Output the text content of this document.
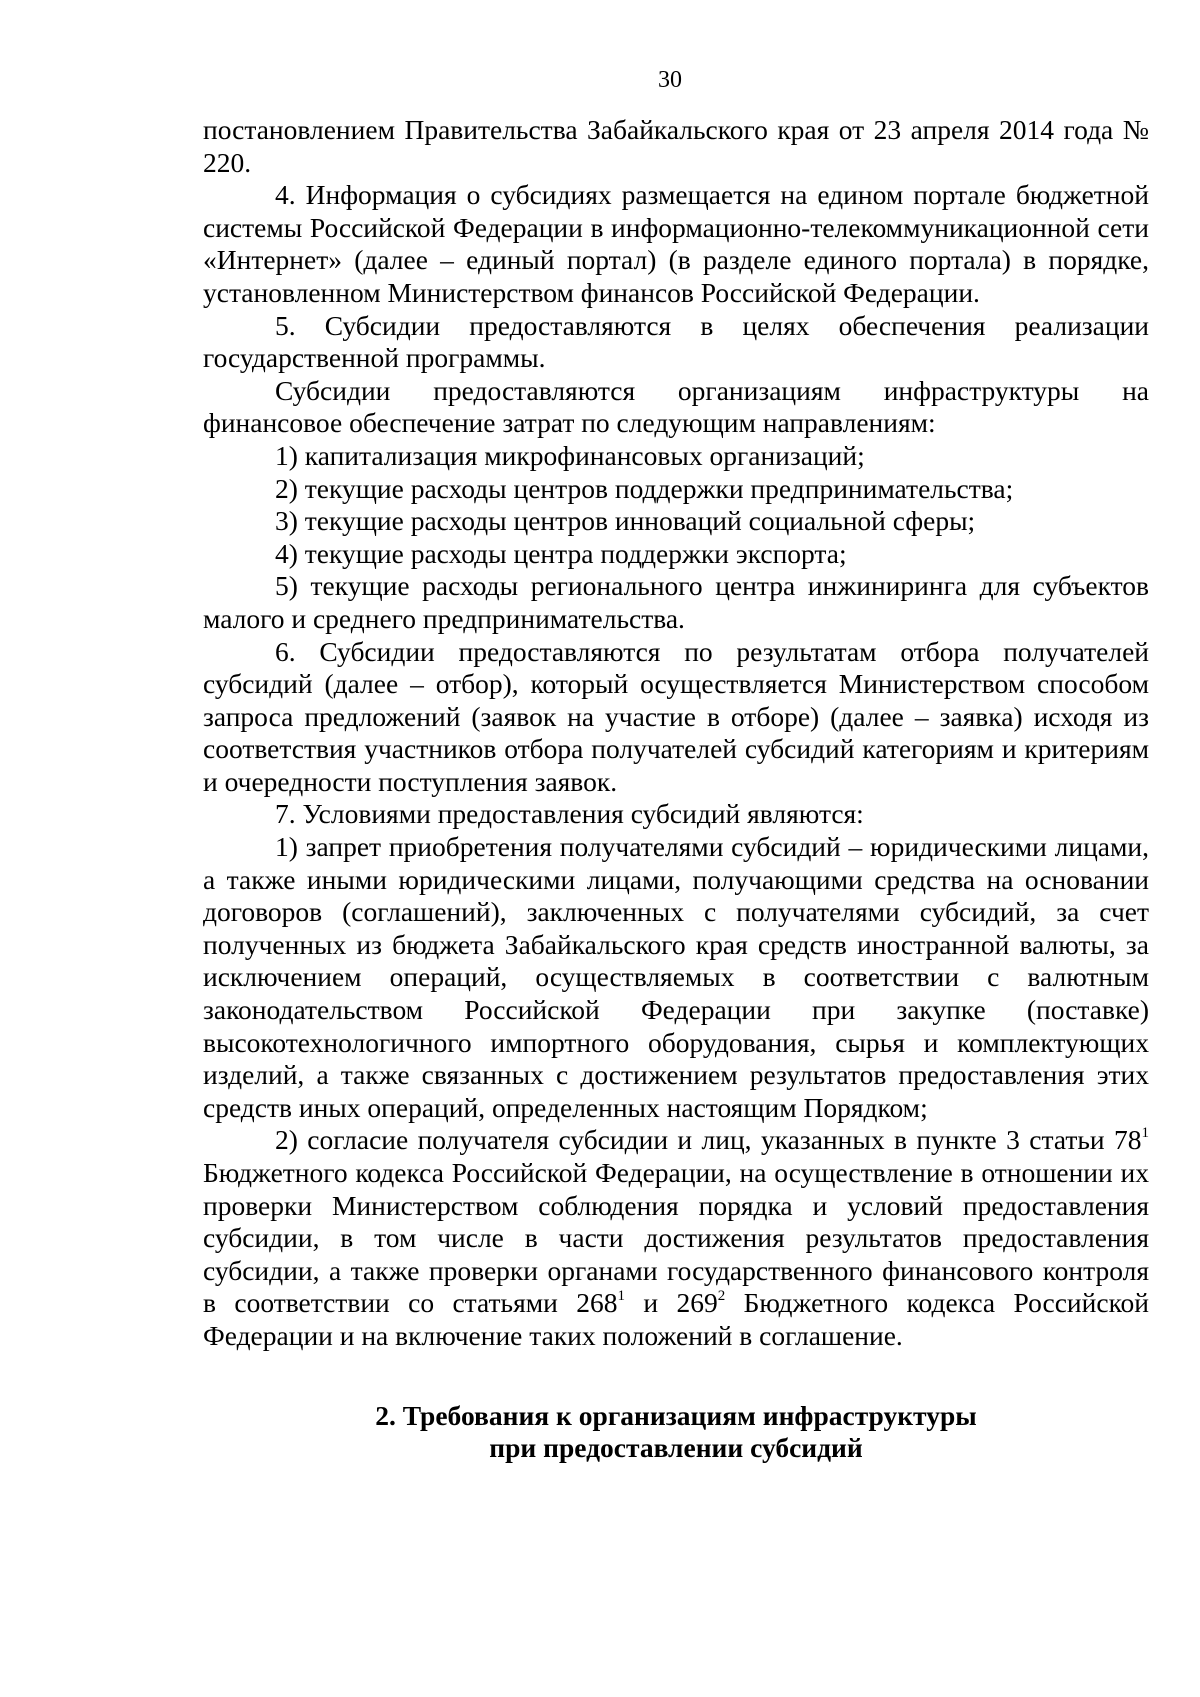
30

постановлением Правительства Забайкальского края от 23 апреля 2014 года № 220.

4. Информация о субсидиях размещается на едином портале бюджетной системы Российской Федерации в информационно-телекоммуникационной сети «Интернет» (далее – единый портал) (в разделе единого портала) в порядке, установленном Министерством финансов Российской Федерации.

5. Субсидии предоставляются в целях обеспечения реализации государственной программы.

Субсидии предоставляются организациям инфраструктуры на финансовое обеспечение затрат по следующим направлениям:

1) капитализация микрофинансовых организаций;

2) текущие расходы центров поддержки предпринимательства;

3) текущие расходы центров инноваций социальной сферы;

4) текущие расходы центра поддержки экспорта;

5) текущие расходы регионального центра инжиниринга для субъектов малого и среднего предпринимательства.

6. Субсидии предоставляются по результатам отбора получателей субсидий (далее – отбор), который осуществляется Министерством способом запроса предложений (заявок на участие в отборе) (далее – заявка) исходя из соответствия участников отбора получателей субсидий категориям и критериям и очередности поступления заявок.

7. Условиями предоставления субсидий являются:

1) запрет приобретения получателями субсидий – юридическими лицами, а также иными юридическими лицами, получающими средства на основании договоров (соглашений), заключенных с получателями субсидий, за счет полученных из бюджета Забайкальского края средств иностранной валюты, за исключением операций, осуществляемых в соответствии с валютным законодательством Российской Федерации при закупке (поставке) высокотехнологичного импортного оборудования, сырья и комплектующих изделий, а также связанных с достижением результатов предоставления этих средств иных операций, определенных настоящим Порядком;

2) согласие получателя субсидии и лиц, указанных в пункте 3 статьи $78^1$ Бюджетного кодекса Российской Федерации, на осуществление в отношении их проверки Министерством соблюдения порядка и условий предоставления субсидии, в том числе в части достижения результатов предоставления субсидии, а также проверки органами государственного финансового контроля в соответствии со статьями $268^1$ и $269^2$ Бюджетного кодекса Российской Федерации и на включение таких положений в соглашение.

2. Требования к организациям инфраструктуры
при предоставлении субсидий
